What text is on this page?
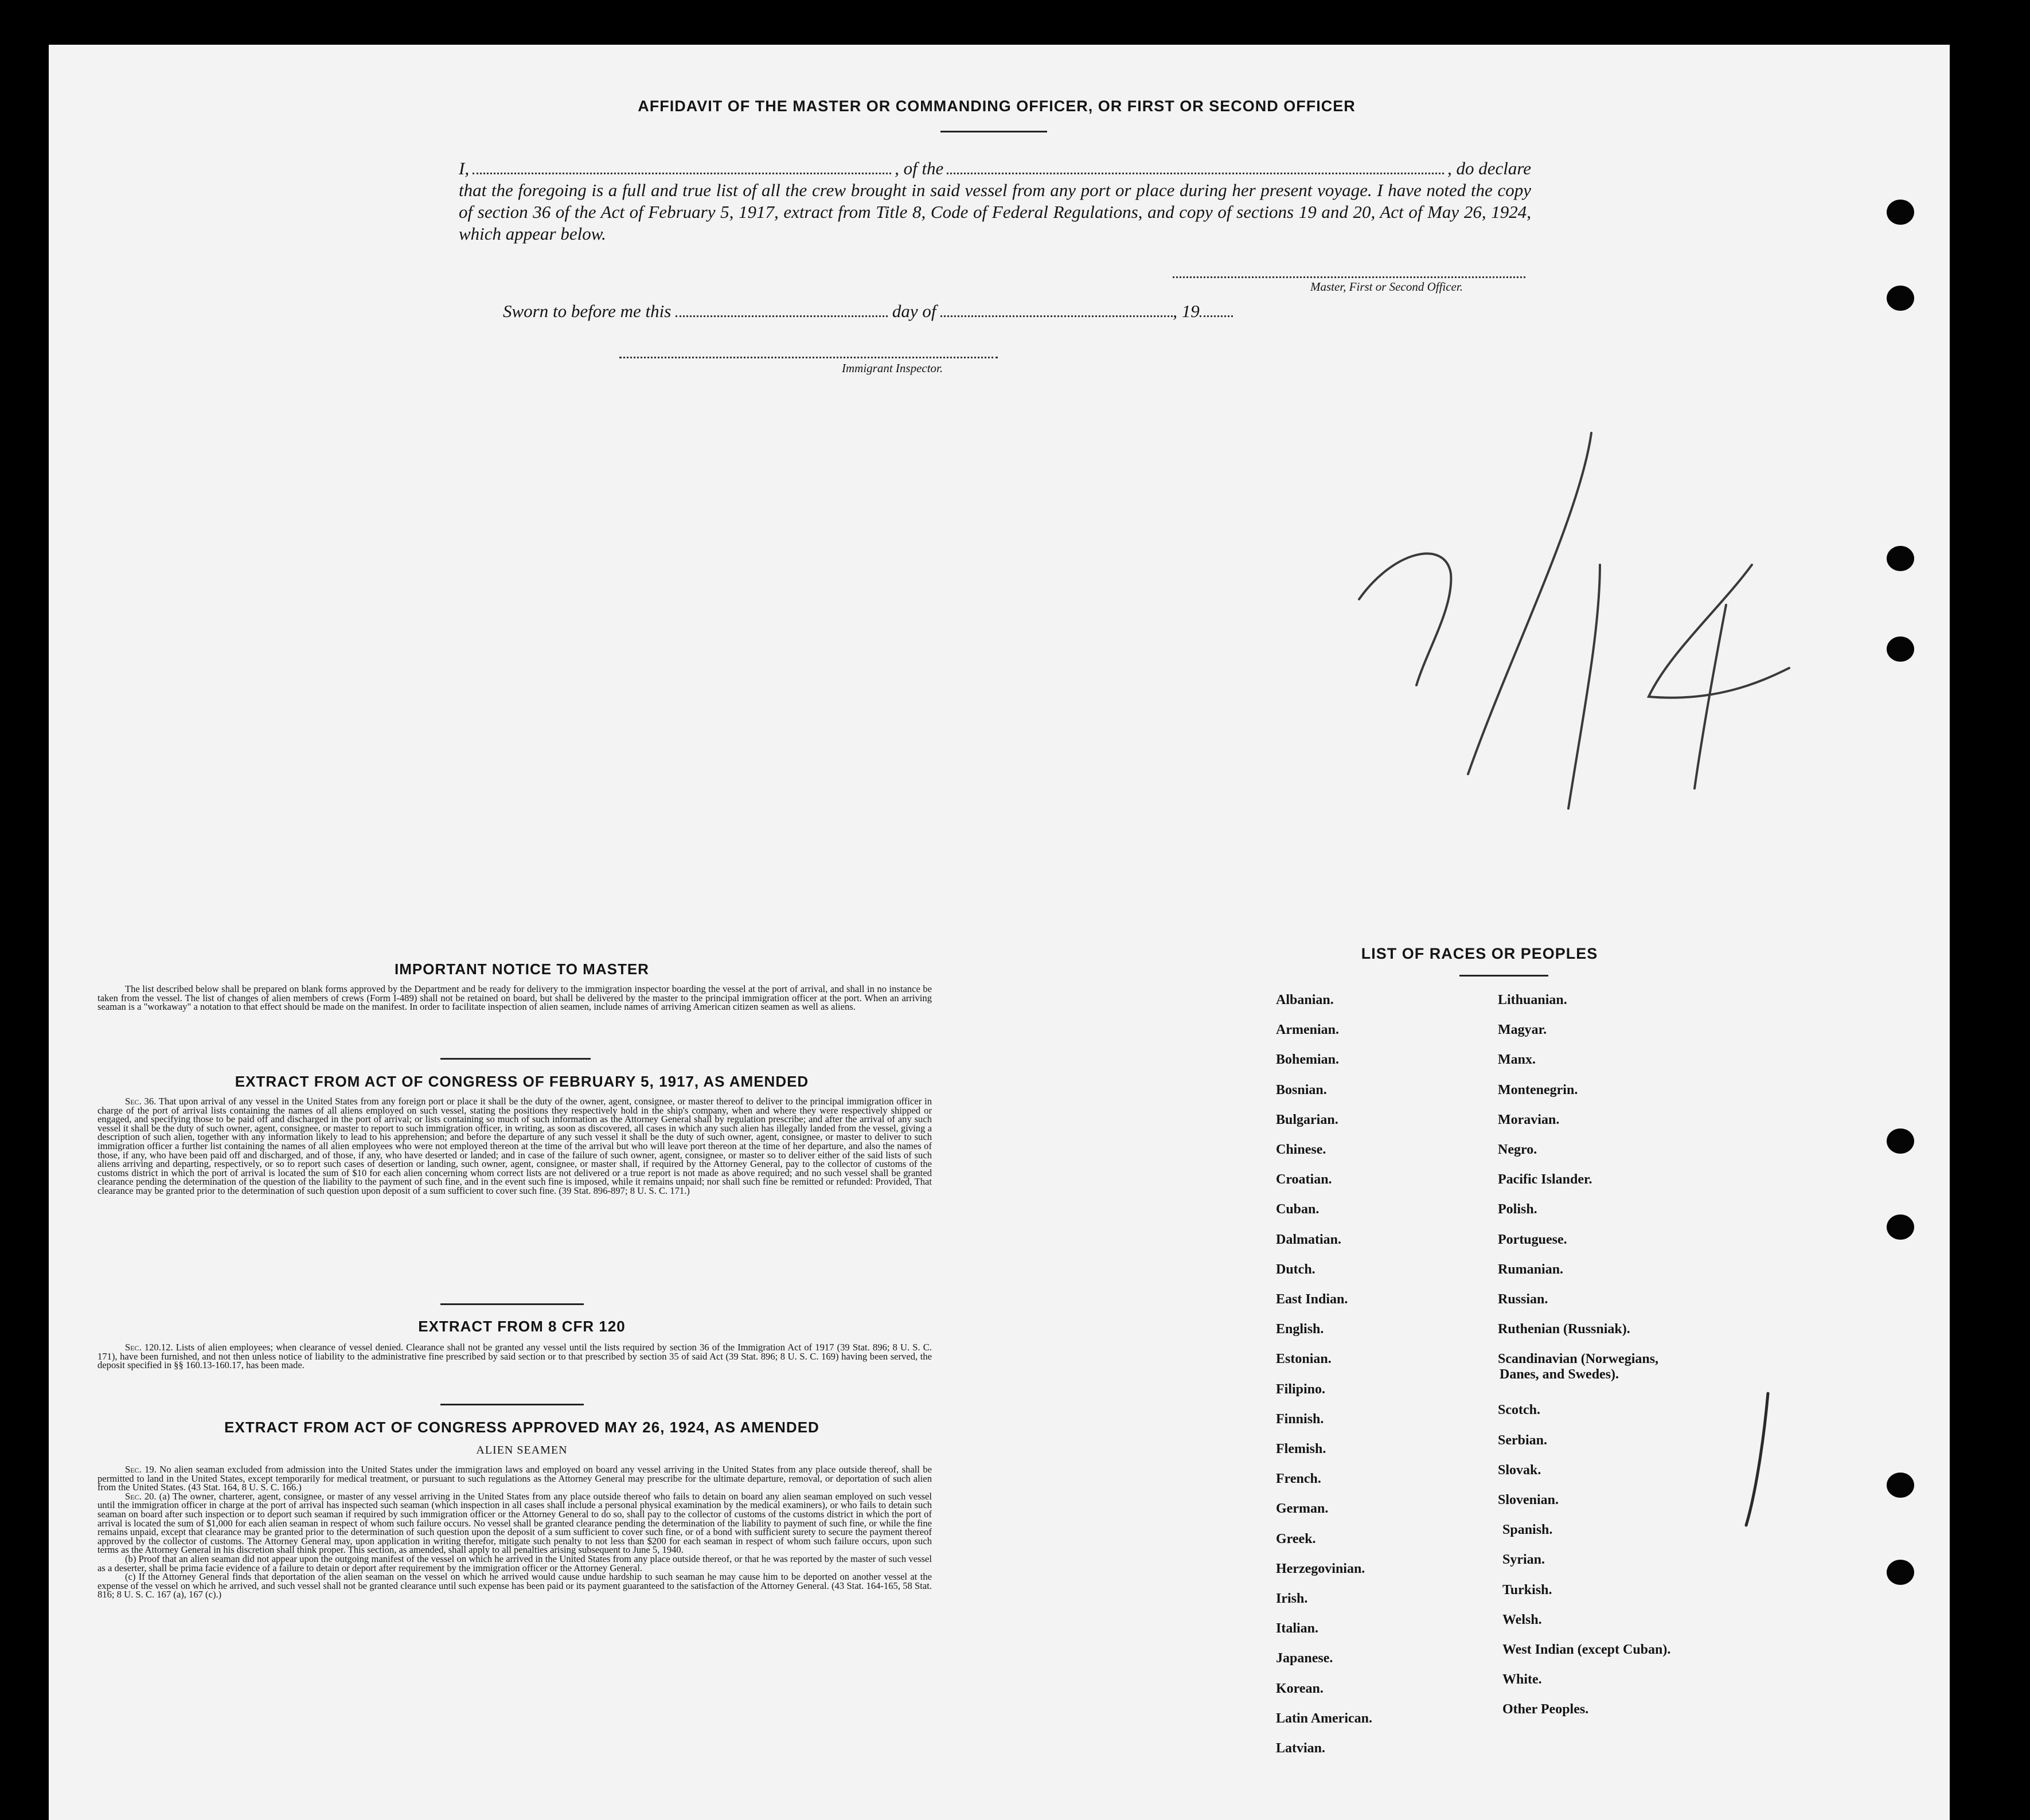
AFFIDAVIT OF THE MASTER OR COMMANDING OFFICER, OR FIRST OR SECOND OFFICER
I,	, of the	, do declare
that the foregoing is a full and true list of all the crew brought in said vessel from any port or place during her present voyage. I have noted the copy of section 36 of the Act of February 5, 1917, extract from Title 8, Code of Federal Regulations, and copy of sections 19 and 20, Act of May 26, 1924, which appear below.
Master, First or Second Officer.
Sworn to before me this	day of	, 19
Immigrant Inspector.
IMPORTANT NOTICE TO MASTER

The list described below shall be prepared on blank forms approved by the Department and be ready for delivery to the immigration inspector boarding the vessel at the port of arrival, and shall in no instance be taken from the vessel. The list of changes of alien members of crews (Form I-489) shall not be retained on board, but shall be delivered by the master to the principal immigration officer at the port. When an arriving seaman is a "workaway" a notation to that effect should be made on the manifest. In order to facilitate inspection of alien seamen, include names of arriving American citizen seamen as well as aliens.

EXTRACT FROM ACT OF CONGRESS OF FEBRUARY 5, 1917, AS AMENDED

Sec. 36. That upon arrival of any vessel in the United States from any foreign port or place it shall be the duty of the owner, agent, consignee, or master thereof to deliver to the principal immigration officer in charge of the port of arrival lists containing the names of all aliens employed on such vessel, stating the positions they respectively hold in the ship's company, when and where they were respectively shipped or engaged, and specifying those to be paid off and discharged in the port of arrival; or lists containing so much of such information as the Attorney General shall by regulation prescribe; and after the arrival of any such vessel it shall be the duty of such owner, agent, consignee, or master to report to such immigration officer, in writing, as soon as discovered, all cases in which any such alien has illegally landed from the vessel, giving a description of such alien, together with any information likely to lead to his apprehension; and before the departure of any such vessel it shall be the duty of such owner, agent, consignee, or master to deliver to such immigration officer a further list containing the names of all alien employees who were not employed thereon at the time of the arrival but who will leave port thereon at the time of her departure, and also the names of those, if any, who have been paid off and discharged, and of those, if any, who have deserted or landed; and in case of the failure of such owner, agent, consignee, or master so to deliver either of the said lists of such aliens arriving and departing, respectively, or so to report such cases of desertion or landing, such owner, agent, consignee, or master shall, if required by the Attorney General, pay to the collector of customs of the customs district in which the port of arrival is located the sum of $10 for each alien concerning whom correct lists are not delivered or a true report is not made as above required; and no such vessel shall be granted clearance pending the determination of the question of the liability to the payment of such fine, and in the event such fine is imposed, while it remains unpaid; nor shall such fine be remitted or refunded: Provided, That clearance may be granted prior to the determination of such question upon deposit of a sum sufficient to cover such fine. (39 Stat. 896-897; 8 U. S. C. 171.)

EXTRACT FROM 8 CFR 120

Sec. 120.12. Lists of alien employees; when clearance of vessel denied. Clearance shall not be granted any vessel until the lists required by section 36 of the Immigration Act of 1917 (39 Stat. 896; 8 U. S. C. 171), have been furnished, and not then unless notice of liability to the administrative fine prescribed by said section or to that prescribed by section 35 of said Act (39 Stat. 896; 8 U. S. C. 169) having been served, the deposit specified in §§ 160.13-160.17, has been made.

EXTRACT FROM ACT OF CONGRESS APPROVED MAY 26, 1924, AS AMENDED
ALIEN SEAMEN

Sec. 19. No alien seaman excluded from admission into the United States under the immigration laws and employed on board any vessel arriving in the United States from any place outside thereof, shall be permitted to land in the United States, except temporarily for medical treatment, or pursuant to such regulations as the Attorney General may prescribe for the ultimate departure, removal, or deportation of such alien from the United States. (43 Stat. 164, 8 U. S. C. 166.)

Sec. 20. (a) The owner, charterer, agent, consignee, or master of any vessel arriving in the United States from any place outside thereof who fails to detain on board any alien seaman employed on such vessel until the immigration officer in charge at the port of arrival has inspected such seaman (which inspection in all cases shall include a personal physical examination by the medical examiners), or who fails to detain such seaman on board after such inspection or to deport such seaman if required by such immigration officer or the Attorney General to do so, shall pay to the collector of customs of the customs district in which the port of arrival is located the sum of $1,000 for each alien seaman in respect of whom such failure occurs. No vessel shall be granted clearance pending the determination of the liability to payment of such fine, or while the fine remains unpaid, except that clearance may be granted prior to the determination of such question upon the deposit of a sum sufficient to cover such fine, or of a bond with sufficient surety to secure the payment thereof approved by the collector of customs. The Attorney General may, upon application in writing therefor, mitigate such penalty to not less than $200 for each seaman in respect of whom such failure occurs, upon such terms as the Attorney General in his discretion shall think proper. This section, as amended, shall apply to all penalties arising subsequent to June 5, 1940.

(b) Proof that an alien seaman did not appear upon the outgoing manifest of the vessel on which he arrived in the United States from any place outside thereof, or that he was reported by the master of such vessel as a deserter, shall be prima facie evidence of a failure to detain or deport after requirement by the immigration officer or the Attorney General.

(c) If the Attorney General finds that deportation of the alien seaman on the vessel on which he arrived would cause undue hardship to such seaman he may cause him to be deported on another vessel at the expense of the vessel on which he arrived, and such vessel shall not be granted clearance until such expense has been paid or its payment guaranteed to the satisfaction of the Attorney General. (43 Stat. 164-165, 58 Stat. 816; 8 U. S. C. 167 (a), 167 (c).)

LIST OF RACES OR PEOPLES
Albanian.
Armenian.
Bohemian.
Bosnian.
Bulgarian.
Chinese.
Croatian.
Cuban.
Dalmatian.
Dutch.
East Indian.
English.
Estonian.
Filipino.
Finnish.
Flemish.
French.
German.
Greek.
Herzegovinian.
Irish.
Italian.
Japanese.
Korean.
Latin American.
Latvian.
Lithuanian.
Magyar.
Manx.
Montenegrin.
Moravian.
Negro.
Pacific Islander.
Polish.
Portuguese.
Rumanian.
Russian.
Ruthenian (Russniak).
Scandinavian (Norwegians,
Danes, and Swedes).
Scotch.
Serbian.
Slovak.
Slovenian.
Spanish.
Syrian.
Turkish.
Welsh.
West Indian (except Cuban).
White.
Other Peoples.
